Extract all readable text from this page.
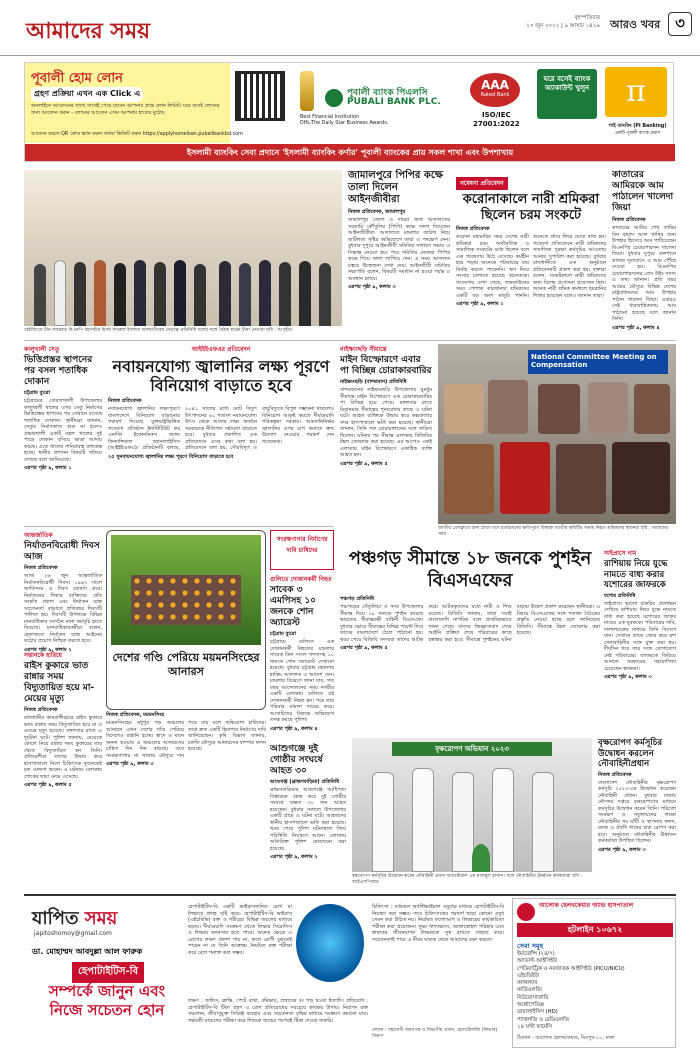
আমাদের সময়	বৃহস্পতিবার
২৩ জুন ২০২২ | ৯ আষাঢ় ১৪২৯ আরও খবর ৩
পূবালী হোম লোন
গ্রহণ প্রক্রিয়া এখন এক Click এ
অনলাইনে আবেদনের সাথে সাথেই পেয়ে যাবেন আপনার প্রাপ্ত লোন লিমিট। ঘরে বসেই লোনের জন্য আবেদন করুন - লোনের আবেদন এখন আপনার হাতের মুঠোয়
আবেদন করতে QR কোড স্ক্যান করুন অথবা ভিজিট করুন https://applyhomeloan.pubalibankbd.com
Best Financial Institution
DHL-The Daily Star Business Awards.
পূবালী ব্যাংক পিএলসি
PUBALI BANK PLC.
AAA
Rated Bank
ISO/IEC
27001:2022
ঘরে বসেই ব্যাংক অ্যাকাউন্ট খুলুন	π
পাই ব্যাংকিং (PI Banking)
একটি পূবালী ব্যাংক প্রয়াস
ইসলামী ব্যাংকিং সেবা প্রদানে 'ইসলামী ব্যাংকিং কর্ণার' পূবালী ব্যাংকের প্রায় সকল শাখা এবং উপশাখায়
বেইজিংয়ে চীন সফররত বিএনপি মহাসচিব মির্জা ফখরুল ইসলাম আলমগীরের নেতৃত্বে প্রতিনিধি দলের সঙ্গে বৈঠক করেন চীনা নেতারা ছবি : সংগৃহীত
জামালপুরে পিপির কক্ষে তালা দিলেন আইনজীবীরা
নিজস্ব প্রতিবেদক, জামালপুর
জামালপুর জেলা ও দায়রা জজ আদালতের সরকারি কৌঁসুলির (পিপি) কক্ষে তালা দিয়েছেন আইনজীবীরা। আদালতে মামলার তারিখ নিয়ে জটিলতা সৃষ্টির অভিযোগে তারা এ পদক্ষেপ নেন। বুধবার দুপুরে আইনজীবী সমিতির সাধারণ সভায় এ সিদ্ধান্ত নেওয়া হয়। পরে সমিতির নেতারা পিপির কক্ষে গিয়ে তালা লাগিয়ে দেন। এ সময় আদালত চত্বরে উত্তেজনা দেখা দেয়। আইনজীবী সমিতির সভাপতি বলেন, বিষয়টি সমাধান না হওয়া পর্যন্ত এ অবস্থান চলবে।
এরপর পৃষ্ঠা ৯, কলাম ৩
গবেষণা প্রতিবেদন
করোনাকালে নারী শ্রমিকরা ছিলেন চরম সংকটে
নিজস্ব প্রতিবেদক
করোনা মহামারির সময় দেশের নারী শ্রমিকরা চরম অর্থনৈতিক ও সামাজিক সংকটের মধ্যে ছিলেন বলে এক গবেষণায় উঠে এসেছে। কর্মহীন হয়ে পড়ায় অনেকে পরিবারের ব্যয় নির্বাহ করতে পারেননি। ঋণ নিয়ে সংসার চালাতে হয়েছে অনেককে। গবেষণায় দেখা গেছে, লকডাউনের সময় পোশাক কারখানার শ্রমিকদের একটি বড় অংশ মজুরি পাননি। অনেকে গ্রামে ফিরে যেতে বাধ্য হন। গবেষণা প্রতিবেদনে নারী শ্রমিকদের সামাজিক সুরক্ষা কর্মসূচির আওতায় আনার সুপারিশ করা হয়েছে। বুধবার রাজধানীতে এক অনুষ্ঠানে প্রতিবেদনটি প্রকাশ করা হয়। বক্তারা বলেন, সংকটকালে নারী শ্রমিকদের জন্য বিশেষ প্রণোদনা প্রয়োজন ছিল। অনেক নারী শ্রমিক কর্মস্থলে হয়রানির শিকার হয়েছেন বলেও জানান তারা।
এরপর পৃষ্ঠা ৯, কলাম ১
কাতারের আমিরকে আম পাঠালেন খালেদা জিয়া
নিজস্ব প্রতিবেদক
কাতারের আমির শেখ তামিম বিন হামাদ আল থানির জন্য উপহার হিসেবে আম পাঠিয়েছেন বিএনপির চেয়ারপারসন খালেদা জিয়া। বুধবার দুপুরে গুলশানে কাতার দূতাবাসে এ আম পৌঁছে দেওয়া হয়। বিএনপির চেয়ারপারসনের প্রেস উইং সদস্য এ তথ্য জানান। প্রতি বছর আমের মৌসুমে বিভিন্ন দেশের রাষ্ট্রপ্রধানদের আম উপহার পাঠান খালেদা জিয়া। এবারও সেই ধারাবাহিকতায় আম পাঠানো হয়েছে বলে জানান তিনি।
এরপর পৃষ্ঠা ৯, কলাম ৪
কালুখালী সেতু
ভিত্তিপ্রস্তর স্থাপনের পর বসল শতাধিক দোকান
চট্টগ্রাম ব্যুরো
চট্টগ্রামের বোয়ালখালী উপজেলার কালুখালী খালের ওপর সেতু নির্মাণের ভিত্তিপ্রস্তর স্থাপনের পর সেখানে বসেছে শতাধিক দোকান। স্থানীয়রা জানান, সেতুর নির্মাণকাজ শুরু না হলেও প্রভাবশালী একটি মহল খালের দুই পাড়ে দোকান বসিয়ে ভাড়া আদায় করছে। এতে খালের পানিপ্রবাহ বাধাগ্রস্ত হচ্ছে। স্থানীয় প্রশাসন বিষয়টি খতিয়ে দেখছে বলে জানিয়েছে।
এরপর পৃষ্ঠা ৯, কলাম ১
আইইইএফএর প্রতিবেদন
নবায়নযোগ্য জ্বালানির লক্ষ্য পূরণে বিনিয়োগ বাড়াতে হবে
নিজস্ব প্রতিবেদক
নবায়নযোগ্য জ্বালানির লক্ষ্যপূরণে বাংলাদেশে বিনিয়োগ বাড়ানোর পরামর্শ দিয়েছে যুক্তরাষ্ট্রভিত্তিক গবেষণা প্রতিষ্ঠান ইনস্টিটিউট ফর এনার্জি ইকোনমিকস অ্যান্ড ফিন্যান্সিয়াল অ্যানালাইসিস (আইইইএফএ)। প্রতিষ্ঠানটি বলছে, ২০৪১ সালের মধ্যে মোট বিদ্যুৎ উৎপাদনের ৪০ শতাংশ নবায়নযোগ্য উৎস থেকে আসার লক্ষ্য অর্জনে সরকারকে নীতিগত সহায়তা বাড়াতে হবে। বুধবার প্রকাশিত এক প্রতিবেদনে এসব কথা বলা হয়। প্রতিবেদনে বলা হয়, সৌরবিদ্যুৎ ও বায়ুবিদ্যুতে বিপুল সম্ভাবনা থাকলেও বিনিয়োগ আকৃষ্ট করতে দীর্ঘমেয়াদি পরিকল্পনা দরকার। আমদানিনির্ভর জ্বালানির ওপর চাপ কমাতে দ্রুত উদ্যোগ নেওয়ার পরামর্শ দেন গবেষকরা।
২৫ সুনবায়নযোগ্য জ্বালানির লক্ষ্য পূরণে বিনিয়োগ বাড়াতে হবে
নাইক্ষ্যংছড়ি সীমান্তে
মাইন বিস্ফোরণে এবার পা বিচ্ছিন্ন চোরাকারবারির
নাইক্ষ্যংছড়ি (বান্দরবান) প্রতিনিধি
বান্দরবানের নাইক্ষ্যংছড়ি উপজেলার ঘুমধুম সীমান্তে মাইন বিস্ফোরণে এক চোরাকারবারির পা বিচ্ছিন্ন হয়ে গেছে। মঙ্গলবার রাতে মিয়ানমার সীমান্তের শূন্যরেখার কাছে এ ঘটনা ঘটে। আহত ব্যক্তিকে উদ্ধার করে কক্সবাজার সদর হাসপাতালে ভর্তি করা হয়েছে। স্থানীয়রা জানান, তিনি গরু চোরাচালানের সঙ্গে জড়িত ছিলেন। ঘটনার পর সীমান্ত এলাকায় বিজিবির টহল জোরদার করা হয়েছে। এর আগেও একই এলাকায় মাইন বিস্ফোরণে একাধিক ব্যক্তি আহত হন।
এরপর পৃষ্ঠা ৯, কলাম ৫
National Committee Meeting on Compensation
জাতীয় প্রেসক্লাবে রানা প্লাজা ধসে হতাহতদের ক্ষতিপূরণ বিষয়ক জাতীয় কমিটির সভায় নিহত শ্রমিকদের স্বজনরা ছবি : আমাদের সময়
আন্তর্জাতিক
নির্যাতনবিরোধী দিবস আজ
নিজস্ব প্রতিবেদক
আজ ২৬ জুন আন্তর্জাতিক নির্যাতনবিরোধী দিবস। ১৯৯৭ সালে জাতিসংঘ এ দিবস ঘোষণা করে। নির্যাতনের শিকার ব্যক্তিদের প্রতি সংহতি প্রকাশ এবং নির্যাতন বন্ধে সচেতনতা বাড়াতে প্রতিবছর দিবসটি পালিত হয়। দিবসটি উপলক্ষে বিভিন্ন মানবাধিকার সংগঠন নানা কর্মসূচি হাতে নিয়েছে। মানবাধিকারকর্মীরা বলেন, হেফাজতে নির্যাতন বন্ধে আইনের কঠোর প্রয়োগ নিশ্চিত করতে হবে।
এরপর পৃষ্ঠা ৯, কলাম ২
দেশের গণ্ডি পেরিয়ে ময়মনসিংহের আনারস
নিজস্ব প্রতিবেদক, ময়মনসিংহ
ময়মনসিংহের মধুপুর গড় অঞ্চলের আনারস এখন দেশের গণ্ডি পেরিয়ে বিদেশেও রপ্তানি হচ্ছে। স্বাদে ও মানে অনন্য হওয়ায় এ অঞ্চলের আনারসের চাহিদা দিন দিন বাড়ছে। তবে সংরক্ষণাগার না থাকায় মৌসুমে দাম পড়ে যায় বলে অভিযোগ চাষিদের। তারা দ্রুত একটি হিমাগার নির্মাণের দাবি জানিয়েছেন। কৃষি বিভাগ জানায়, চলতি মৌসুমে আনারসের বাম্পার ফলন হয়েছে।
এরপর পৃষ্ঠা ৯, কলাম ৩
সংরক্ষণাগার নির্মাণের দাবি চাষিদের
গুলিতে দোকানকর্মী নিহত
সাবেক ৩ এমপিসহ ১০ জনকে শোন অ্যারেস্ট
চট্টগ্রাম ব্যুরো
চট্টগ্রামে গুলিতে এক দোকানকর্মী নিহতের মামলায় সাবেক তিন সংসদ সদস্যসহ ১০ জনকে শোন অ্যারেস্ট দেখানো হয়েছে। বুধবার চট্টগ্রাম মহানগর হাকিম আদালত এ আদেশ দেন। মামলার বিবরণে জানা যায়, গত বছর আন্দোলনের সময় নগরীর একটি এলাকায় গুলিতে ওই দোকানকর্মী নিহত হন। পরে তার পরিবার মামলা দায়ের করে। আসামিদের বিরুদ্ধে অভিযোগ তদন্ত করছে পুলিশ।
এরপর পৃষ্ঠা ৯, কলাম ৪
পঞ্চগড় সীমান্তে ১৮ জনকে পুশইন বিএসএফের
পঞ্চগড় প্রতিনিধি
পঞ্চগড়ের তেঁতুলিয়া ও সদর উপজেলার সীমান্ত দিয়ে ১৮ জনকে পুশইন করেছে ভারতের সীমান্তরক্ষী বাহিনী বিএসএফ। বুধবার ভোরে সীমান্তের বিভিন্ন পয়েন্ট দিয়ে তাদের বাংলাদেশে ঠেলে পাঠানো হয়। খবর পেয়ে বিজিবি সদস্যরা তাদের আটক করে। আটককৃতদের মধ্যে নারী ও শিশু রয়েছে। বিজিবি জানায়, তারা সবাই বাংলাদেশি নাগরিক বলে প্রাথমিকভাবে জানা গেছে। তাদের জিজ্ঞাসাবাদ শেষে আইনি প্রক্রিয়া শেষে পরিবারের কাছে হস্তান্তর করা হবে। সীমান্তে পুশইনের ঘটনা বাড়ায় উদ্বেগ প্রকাশ করেছেন স্থানীয়রা। এ বিষয়ে বিএসএফের সঙ্গে পতাকা বৈঠকের প্রস্তুতি নেওয়া হচ্ছে বলে জানিয়েছে বিজিবি। সীমান্তে টহল জোরদার করা হয়েছে।
এরপর পৃষ্ঠা ৯, কলাম ৫
সাইপ্রাসে নাম
রাশিয়ায় নিয়ে যুদ্ধে নামতে বাধ্য করার যশোরের জাফরকে
যশোর প্রতিনিধি
সাইপ্রাসে ভালো চাকরির প্রলোভন দেখিয়ে রাশিয়ায় নিয়ে যুদ্ধে নামতে বাধ্য করা হয়েছে যশোরের জাফর নামের এক যুবককে। পরিবারের দাবি, দালালচক্রের মাধ্যমে তিনি বিদেশে যান। সেখানে তাকে জোর করে রুশ সেনাবাহিনীর সঙ্গে যুক্ত করা হয়। দীর্ঘদিন ধরে তার সঙ্গে যোগাযোগ নেই পরিবারের। জাফরকে ফিরিয়ে আনতে সরকারের সহযোগিতা চেয়েছেন স্বজনরা।
এরপর পৃষ্ঠা ৯, কলাম ৩
সন্তানকে হারিয়ে
রাইস কুকারে ভাত রান্নার সময় বিদ্যুতায়িত হয়ে মা-মেয়ের মৃত্যু
নিজস্ব প্রতিবেদক
রাজধানীর কামরাঙ্গীরচরে রাইস কুকারে ভাত রান্নার সময় বিদ্যুতায়িত হয়ে মা ও মেয়ের মৃত্যু হয়েছে। মঙ্গলবার রাতে এ দুর্ঘটনা ঘটে। পুলিশ জানায়, মেয়েকে কোলে নিয়ে রান্নার সময় কুকারের তার থেকে বিদ্যুতায়িত হন তিনি। প্রতিবেশীরা তাদের উদ্ধার করে হাসপাতালে নিলে চিকিৎসক দুজনকেই মৃত ঘোষণা করেন। এ ঘটনায় এলাকায় শোকের ছায়া নেমে এসেছে।
এরপর পৃষ্ঠা ৯, কলাম ৫
আশুগঞ্জে দুই গোষ্ঠীর সংঘর্ষে আহত ৩০
আশুগঞ্জ (ব্রাহ্মণবাড়িয়া) প্রতিনিধি
ব্রাহ্মণবাড়িয়ার আশুগঞ্জে আধিপত্য বিস্তারকে কেন্দ্র করে দুই গোষ্ঠীর সংঘর্ষে অন্তত ৩০ জন আহত হয়েছেন। বুধবার সকালে উপজেলার একটি গ্রামে এ ঘটনা ঘটে। আহতদের স্থানীয় হাসপাতালে ভর্তি করা হয়েছে। খবর পেয়ে পুলিশ ঘটনাস্থলে গিয়ে পরিস্থিতি নিয়ন্ত্রণে আনে। এলাকায় অতিরিক্ত পুলিশ মোতায়েন করা হয়েছে।
এরপর পৃষ্ঠা ৯, কলাম ২
বৃক্ষরোপণ অভিযান ২০২৩
বৃক্ষরোপণ কর্মসূচির উদ্বোধন করেন নৌবাহিনী প্রধান অ্যাডমিরাল এম নাজমুল হাসান। সঙ্গে নৌবাহিনীর ঊর্ধ্বতন কর্মকর্তারা ছবি : আইএসপিআর
বৃক্ষরোপণ কর্মসূচির উদ্বোধন করলেন নৌবাহিনীপ্রধান
নিজস্ব প্রতিবেদক
বাংলাদেশ নৌবাহিনীর বৃক্ষরোপণ কর্মসূচি ২০২৩-এর উদ্বোধন করেছেন নৌবাহিনী প্রধান। বুধবার ঢাকায় নৌসদর দপ্তরে বৃক্ষরোপণের মাধ্যমে কর্মসূচির উদ্বোধন করেন তিনি। পরিবেশ সংরক্ষণ ও সবুজায়নের লক্ষ্যে নৌবাহিনীর সব ঘাঁটি ও স্থাপনায় ফলদ, বনজ ও ঔষধি গাছের চারা রোপণ করা হবে। অনুষ্ঠানে নৌবাহিনীর ঊর্ধ্বতন কর্মকর্তারা উপস্থিত ছিলেন।
এরপর পৃষ্ঠা ৯, কলাম ৩
যাপিত সময়
japitoshomoy@gmail.com
ডা. মোহাম্মদ আবদুল্লা আল ফারুক
হেপাটাইটিস-বি
সম্পর্কে জানুন এবং নিজে সচেতন হোন
হেপাটাইটিস-বি একটি ভাইরাসজনিত রোগ যা লিভারে প্রদাহ সৃষ্টি করে। হেপাটাইটিস-বি ভাইরাস (এইচবিভি) রক্ত ও শরীরের বিভিন্ন তরলের মাধ্যমে ছড়ায়। দীর্ঘমেয়াদি সংক্রমণ থেকে লিভার সিরোসিস ও লিভার ক্যানসার হতে পারে। অনেক ক্ষেত্রে এ রোগের লক্ষণ প্রকাশ পায় না, ফলে রোগী বুঝতেই পারেন না যে তিনি আক্রান্ত। নিয়মিত রক্ত পরীক্ষা করে রোগ শনাক্ত করা সম্ভব।
লক্ষণ : জন্ডিস, ক্লান্তি, পেটে ব্যথা, বমিভাব, প্রস্রাবের রং গাঢ় হওয়া ইত্যাদি। প্রতিরোধ : হেপাটাইটিস-বি টিকা গ্রহণ এ রোগ প্রতিরোধের সবচেয়ে কার্যকর উপায়। নিরাপদ রক্ত সঞ্চালন, জীবাণুমুক্ত সিরিঞ্জ ব্যবহার এবং সচেতনতা বৃদ্ধির মাধ্যমে সংক্রমণ কমানো যায়। গর্ভবতী মায়েদের পরীক্ষা করে শিশুকে জন্মের পরপরই টিকা দেওয়া জরুরি।
চিকিৎসা : বর্তমানে অ্যান্টিভাইরাল ওষুধের মাধ্যমে হেপাটাইটিস-বি নিয়ন্ত্রণ করা সম্ভব। তবে চিকিৎসকের পরামর্শ ছাড়া কোনো ওষুধ সেবন করা উচিত নয়। নিয়মিত ফলোআপ ও লিভারের কার্যকারিতা পরীক্ষা করা প্রয়োজন। সুষম খাদ্যাভ্যাস, অ্যালকোহল পরিহার এবং স্বাস্থ্যকর জীবনযাপন লিভারকে সুস্থ রাখতে সাহায্য করে। সচেতনতাই পারে এ নীরব ঘাতক থেকে আমাদের রক্ষা করতে।
লেখক : সহযোগী অধ্যাপক ও বিভাগীয় প্রধান, হেপাটোলজি (লিভার) বিভাগ
আলোক হেলথকেয়ার অ্যান্ড হাসপাতাল
হটলাইন ১০৬৭২
সেবা সমূহ
ইমার্জেন্সি (২৪/৭)
অ্যাডাল্ট আইসিইউ
পেডিয়াট্রিক ও নবজাতক আইসিইউ (PICU/NICU)
এইচডিইউ
ক্যাথল্যাব
কার্ডিওলজি
নিউরোসার্জারি
অর্থোপেডিক্স
ডায়ালাইসিস (HD)
প্যাথলজি ও রেডিওলজি
২৪ ঘণ্টা ফার্মেসি
ঠিকানা : আলোক হেলথকেয়ার, মিরপুর-১০, ঢাকা
